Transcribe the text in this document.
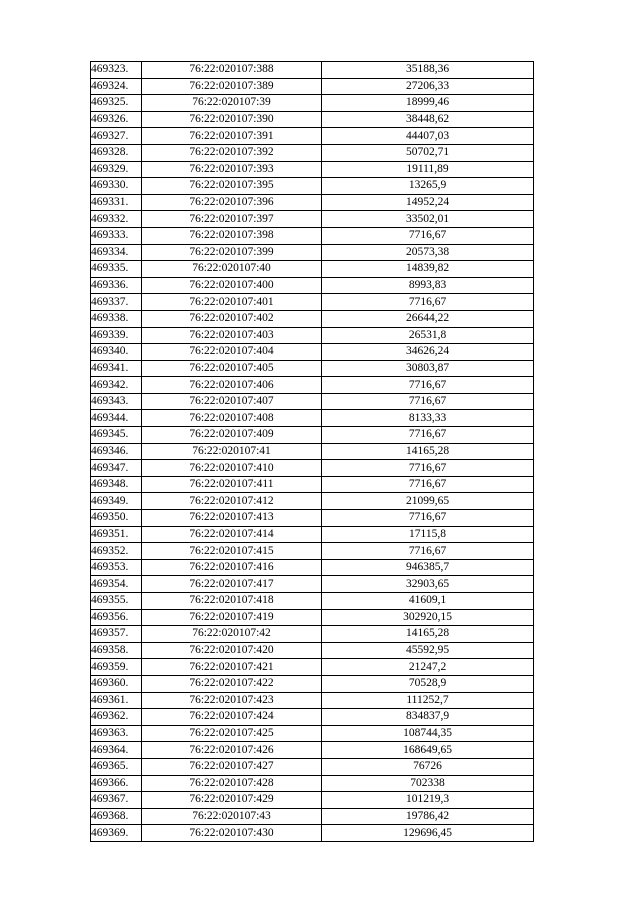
469323.	76:22:020107:388	35188,36
469324.	76:22:020107:389	27206,33
469325.	76:22:020107:39	18999,46
469326.	76:22:020107:390	38448,62
469327.	76:22:020107:391	44407,03
469328.	76:22:020107:392	50702,71
469329.	76:22:020107:393	19111,89
469330.	76:22:020107:395	13265,9
469331.	76:22:020107:396	14952,24
469332.	76:22:020107:397	33502,01
469333.	76:22:020107:398	7716,67
469334.	76:22:020107:399	20573,38
469335.	76:22:020107:40	14839,82
469336.	76:22:020107:400	8993,83
469337.	76:22:020107:401	7716,67
469338.	76:22:020107:402	26644,22
469339.	76:22:020107:403	26531,8
469340.	76:22:020107:404	34626,24
469341.	76:22:020107:405	30803,87
469342.	76:22:020107:406	7716,67
469343.	76:22:020107:407	7716,67
469344.	76:22:020107:408	8133,33
469345.	76:22:020107:409	7716,67
469346.	76:22:020107:41	14165,28
469347.	76:22:020107:410	7716,67
469348.	76:22:020107:411	7716,67
469349.	76:22:020107:412	21099,65
469350.	76:22:020107:413	7716,67
469351.	76:22:020107:414	17115,8
469352.	76:22:020107:415	7716,67
469353.	76:22:020107:416	946385,7
469354.	76:22:020107:417	32903,65
469355.	76:22:020107:418	41609,1
469356.	76:22:020107:419	302920,15
469357.	76:22:020107:42	14165,28
469358.	76:22:020107:420	45592,95
469359.	76:22:020107:421	21247,2
469360.	76:22:020107:422	70528,9
469361.	76:22:020107:423	111252,7
469362.	76:22:020107:424	834837,9
469363.	76:22:020107:425	108744,35
469364.	76:22:020107:426	168649,65
469365.	76:22:020107:427	76726
469366.	76:22:020107:428	702338
469367.	76:22:020107:429	101219,3
469368.	76:22:020107:43	19786,42
469369.	76:22:020107:430	129696,45
